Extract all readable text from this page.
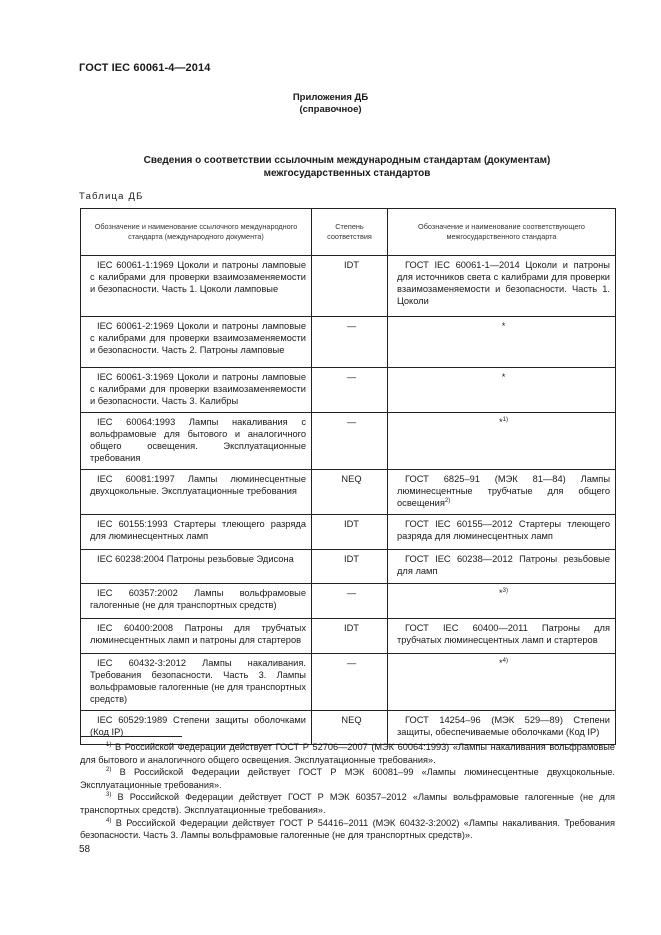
ГОСТ IEC 60061-4—2014
Приложения ДБ
(справочное)
Сведения о соответствии ссылочным международным стандартам (документам)
межгосударственных стандартов
Таблица ДБ
Обозначение и наименование ссылочного международного стандарта (международного документа)	Степень соответствия	Обозначение и наименование соответствующего межгосударственного стандарта
IEC 60061-1:1969 Цоколи и патроны ламповые с калибрами для проверки взаимозаменяемости и безопасности. Часть 1. Цоколи ламповые	IDT	ГОСТ IEC 60061-1—2014 Цоколи и патроны для источников света с калибрами для проверки взаимозаменяемости и безопасности. Часть 1. Цоколи
IEC 60061-2:1969 Цоколи и патроны ламповые с калибрами для проверки взаимозаменяемости и безопасности. Часть 2. Патроны ламповые	—	*
IEC 60061-3:1969 Цоколи и патроны ламповые с калибрами для проверки взаимозаменяемости и безопасности. Часть 3. Калибры	—	*
IEC 60064:1993 Лампы накаливания с вольфрамовые для бытового и аналогичного общего освещения. Эксплуатационные требования	—	*$^{1)}$
IEC 60081:1997 Лампы люминесцентные двухцокольные. Эксплуатационные требования	NEQ	ГОСТ 6825–91 (МЭК 81—84) Лампы люминесцентные трубчатые для общего освещения$^{2)}$
IEC 60155:1993 Стартеры тлеющего разряда для люминесцентных ламп	IDT	ГОСТ IEC 60155—2012 Стартеры тлеющего разряда для люминесцентных ламп
IEC 60238:2004 Патроны резьбовые Эдисона	IDT	ГОСТ IEC 60238—2012 Патроны резьбовые для ламп
IEC 60357:2002 Лампы вольфрамовые галогенные (не для транспортных средств)	—	*$^{3)}$
IEC 60400:2008 Патроны для трубчатых люминесцентных ламп и патроны для стартеров	IDT	ГОСТ IEC 60400—2011 Патроны для трубчатых люминесцентных ламп и стартеров
IEC 60432-3:2012 Лампы накаливания. Требования безопасности. Часть 3. Лампы вольфрамовые галогенные (не для транспортных средств)	—	*$^{4)}$
IEC 60529:1989 Степени защиты оболочками (Код IP)	NEQ	ГОСТ 14254–96 (МЭК 529—89) Степени защиты, обеспечиваемые оболочками (Код IP)

$^{1)}$ В Российской Федерации действует ГОСТ Р 52706—2007 (МЭК 60064:1993) «Лампы накаливания вольфрамовые для бытового и аналогичного общего освещения. Эксплуатационные требования».

$^{2)}$ В Российской Федерации действует ГОСТ Р МЭК 60081–99 «Лампы люминесцентные двухцокольные. Эксплуатационные требования».

$^{3)}$ В Российской Федерации действует ГОСТ Р МЭК 60357–2012 «Лампы вольфрамовые галогенные (не для транспортных средств). Эксплуатационные требования».

$^{4)}$ В Российской Федерации действует ГОСТ Р 54416–2011 (МЭК 60432-3:2002) «Лампы накаливания. Требования безопасности. Часть 3. Лампы вольфрамовые галогенные (не для транспортных средств)».

58
